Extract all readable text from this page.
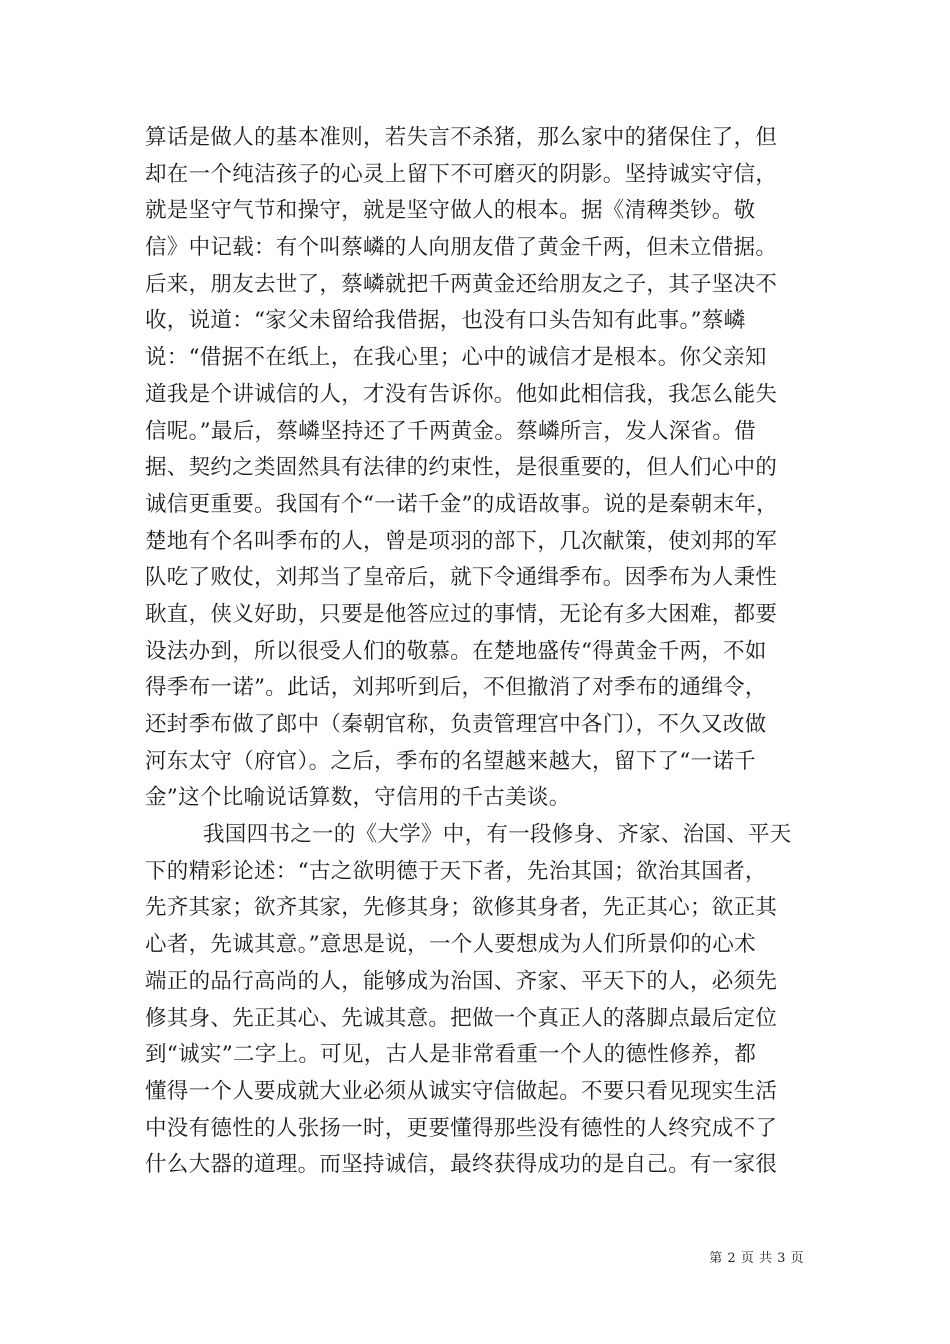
算话是做人的基本准则，若失言不杀猪，那么家中的猪保住了，但
却在一个纯洁孩子的心灵上留下不可磨灭的阴影。坚持诚实守信，
就是坚守气节和操守，就是坚守做人的根本。据《清稗类钞。敬
信》中记载：有个叫蔡嶙的人向朋友借了黄金千两，但未立借据。
后来，朋友去世了，蔡嶙就把千两黄金还给朋友之子，其子坚决不
收，说道：“家父未留给我借据，也没有口头告知有此事。”蔡嶙
说：“借据不在纸上，在我心里；心中的诚信才是根本。你父亲知
道我是个讲诚信的人，才没有告诉你。他如此相信我，我怎么能失
信呢。”最后，蔡嶙坚持还了千两黄金。蔡嶙所言，发人深省。借
据、契约之类固然具有法律的约束性，是很重要的，但人们心中的
诚信更重要。我国有个“一诺千金”的成语故事。说的是秦朝末年，
楚地有个名叫季布的人，曾是项羽的部下，几次献策，使刘邦的军
队吃了败仗，刘邦当了皇帝后，就下令通缉季布。因季布为人秉性
耿直，侠义好助，只要是他答应过的事情，无论有多大困难，都要
设法办到，所以很受人们的敬慕。在楚地盛传“得黄金千两，不如
得季布一诺”。此话，刘邦听到后，不但撤消了对季布的通缉令，
还封季布做了郎中（秦朝官称，负责管理宫中各门），不久又改做
河东太守（府官）。之后，季布的名望越来越大，留下了“一诺千
金”这个比喻说话算数，守信用的千古美谈。
我国四书之一的《大学》中，有一段修身、齐家、治国、平天
下的精彩论述：“古之欲明德于天下者，先治其国；欲治其国者，
先齐其家；欲齐其家，先修其身；欲修其身者，先正其心；欲正其
心者，先诚其意。”意思是说，一个人要想成为人们所景仰的心术
端正的品行高尚的人，能够成为治国、齐家、平天下的人，必须先
修其身、先正其心、先诚其意。把做一个真正人的落脚点最后定位
到“诚实”二字上。可见，古人是非常看重一个人的德性修养，都
懂得一个人要成就大业必须从诚实守信做起。不要只看见现实生活
中没有德性的人张扬一时，更要懂得那些没有德性的人终究成不了
什么大器的道理。而坚持诚信，最终获得成功的是自己。有一家很
第 2 页 共 3 页
